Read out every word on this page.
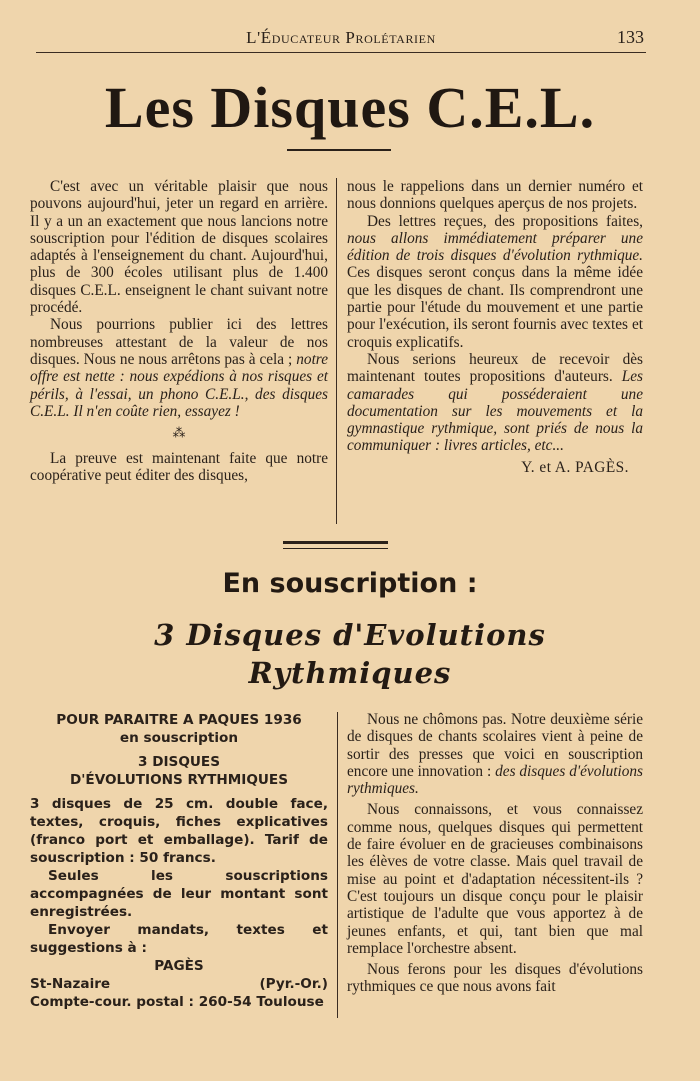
L'Éducateur Prolétarien	133
Les Disques C.E.L.

C'est avec un véritable plaisir que nous pouvons aujourd'hui, jeter un regard en arrière. Il y a un an exactement que nous lancions notre souscription pour l'édition de disques scolaires adaptés à l'enseignement du chant. Aujourd'hui, plus de 300 écoles utilisant plus de 1.400 disques C.E.L. enseignent le chant suivant notre procédé.

Nous pourrions publier ici des lettres nombreuses attestant de la valeur de nos disques. Nous ne nous arrêtons pas à cela ; notre offre est nette : nous expédions à nos risques et périls, à l'essai, un phono C.E.L., des disques C.E.L. Il n'en coûte rien, essayez !

⁂

La preuve est maintenant faite que notre coopérative peut éditer des disques,

nous le rappelions dans un dernier numéro et nous donnions quelques aperçus de nos projets.

Des lettres reçues, des propositions faites, nous allons immédiatement préparer une édition de trois disques d'évolution rythmique. Ces disques seront conçus dans la même idée que les disques de chant. Ils comprendront une partie pour l'étude du mouvement et une partie pour l'exécution, ils seront fournis avec textes et croquis explicatifs.

Nous serions heureux de recevoir dès maintenant toutes propositions d'auteurs. Les camarades qui posséderaient une documentation sur les mouvements et la gymnastique rythmique, sont priés de nous la communiquer : livres articles, etc...

Y. et A. PAGÈS.
En souscription :
3 Disques d'Evolutions
Rythmiques
POUR PARAITRE A PAQUES 1936
en souscription
3 DISQUES
D'ÉVOLUTIONS RYTHMIQUES
3 disques de 25 cm. double face, textes, croquis, fiches explicatives (franco port et emballage). Tarif de souscription : 50 francs.
Seules les souscriptions accompagnées de leur montant sont enregistrées.
Envoyer mandats, textes et suggestions à :
PAGÈS
St-Nazaire	(Pyr.-Or.)
Compte-cour. postal : 260-54 Toulouse

Nous ne chômons pas. Notre deuxième série de disques de chants scolaires vient à peine de sortir des presses que voici en souscription encore une innovation : des disques d'évolutions rythmiques.

Nous connaissons, et vous connaissez comme nous, quelques disques qui permettent de faire évoluer en de gracieuses combinaisons les élèves de votre classe. Mais quel travail de mise au point et d'adaptation nécessitent-ils ? C'est toujours un disque conçu pour le plaisir artistique de l'adulte que vous apportez à de jeunes enfants, et qui, tant bien que mal remplace l'orchestre absent.

Nous ferons pour les disques d'évolutions rythmiques ce que nous avons fait
